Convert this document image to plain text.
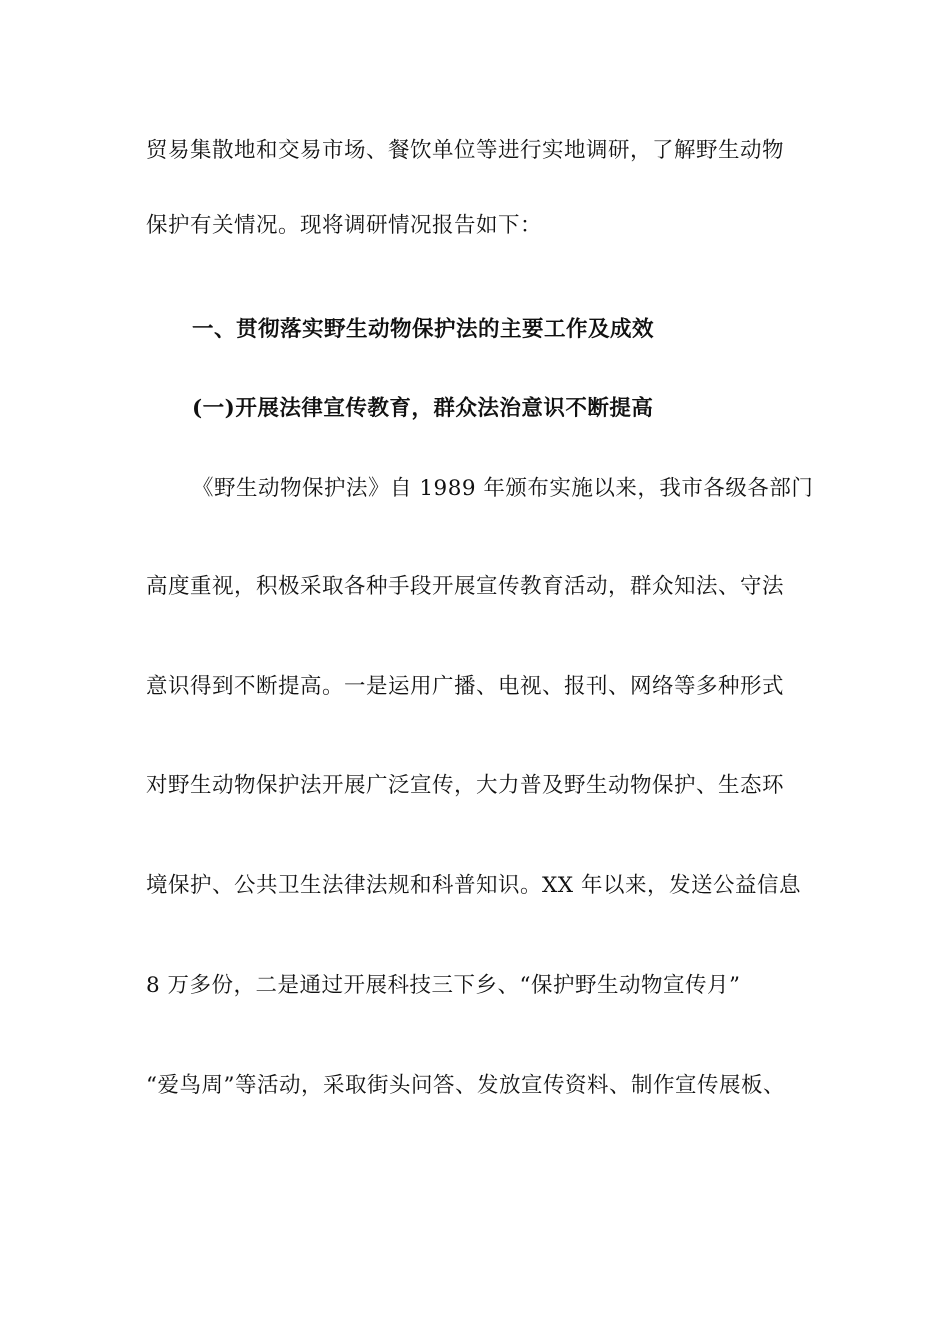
贸易集散地和交易市场、餐饮单位等进行实地调研，了解野生动物
保护有关情况。现将调研情况报告如下：
一、贯彻落实野生动物保护法的主要工作及成效
(一)开展法律宣传教育，群众法治意识不断提高
《野生动物保护法》自 1989 年颁布实施以来，我市各级各部门
高度重视，积极采取各种手段开展宣传教育活动，群众知法、守法
意识得到不断提高。一是运用广播、电视、报刊、网络等多种形式
对野生动物保护法开展广泛宣传，大力普及野生动物保护、生态环
境保护、公共卫生法律法规和科普知识。XX 年以来，发送公益信息
8 万多份，二是通过开展科技三下乡、“保护野生动物宣传月”
“爱鸟周”等活动，采取街头问答、发放宣传资料、制作宣传展板、
